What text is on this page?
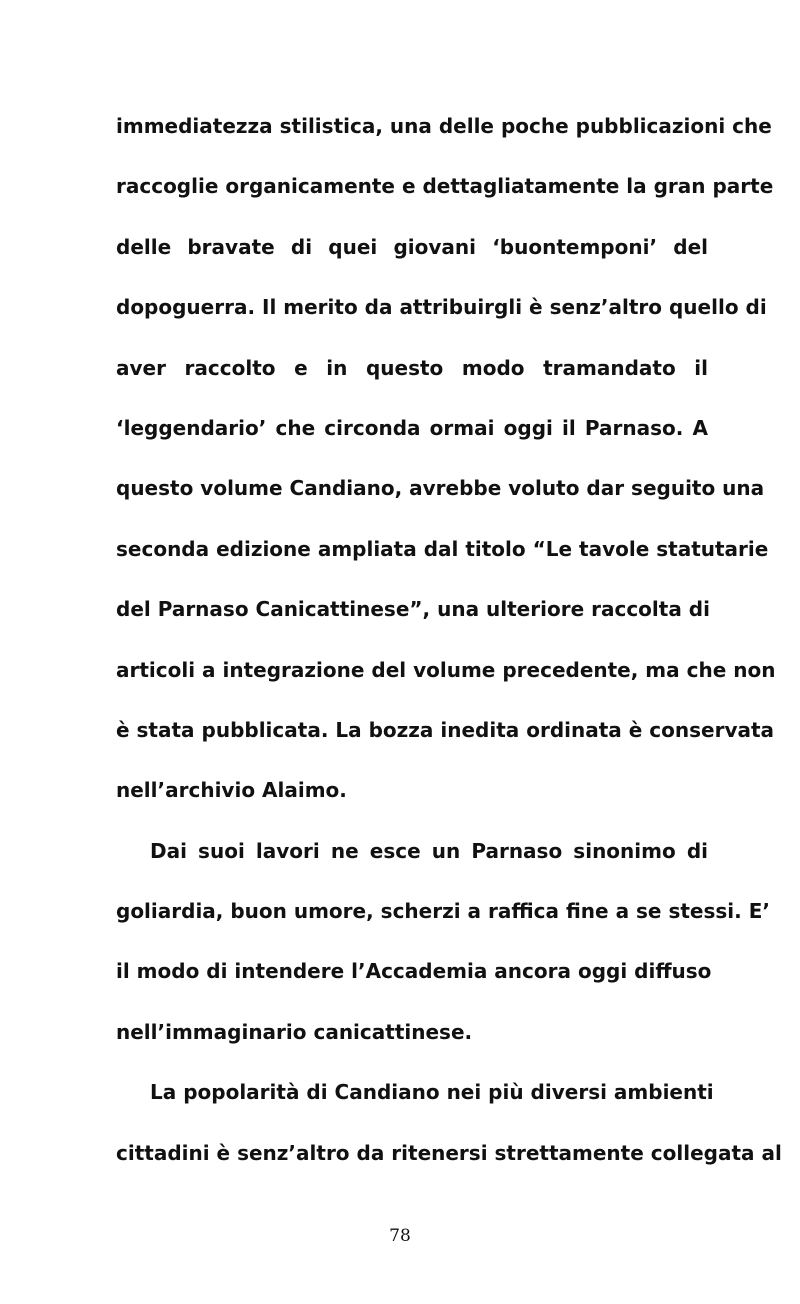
immediatezza stilistica, una delle poche pubblicazioni che
raccoglie organicamente e dettagliatamente la gran parte
delle bravate di quei giovani ‘buontemponi’ del
dopoguerra. Il merito da attribuirgli è senz’altro quello di
aver raccolto e in questo modo tramandato il
‘leggendario’ che circonda ormai oggi il Parnaso. A
questo volume Candiano, avrebbe voluto dar seguito una
seconda edizione ampliata dal titolo “Le tavole statutarie
del Parnaso Canicattinese”, una ulteriore raccolta di
articoli a integrazione del volume precedente, ma che non
è stata pubblicata. La bozza inedita ordinata è conservata
nell’archivio Alaimo.
Dai suoi lavori ne esce un Parnaso sinonimo di
goliardia, buon umore, scherzi a raffica fine a se stessi. E’
il modo di intendere l’Accademia ancora oggi diffuso
nell’immaginario canicattinese.
La popolarità di Candiano nei più diversi ambienti
cittadini è senz’altro da ritenersi strettamente collegata al
78
